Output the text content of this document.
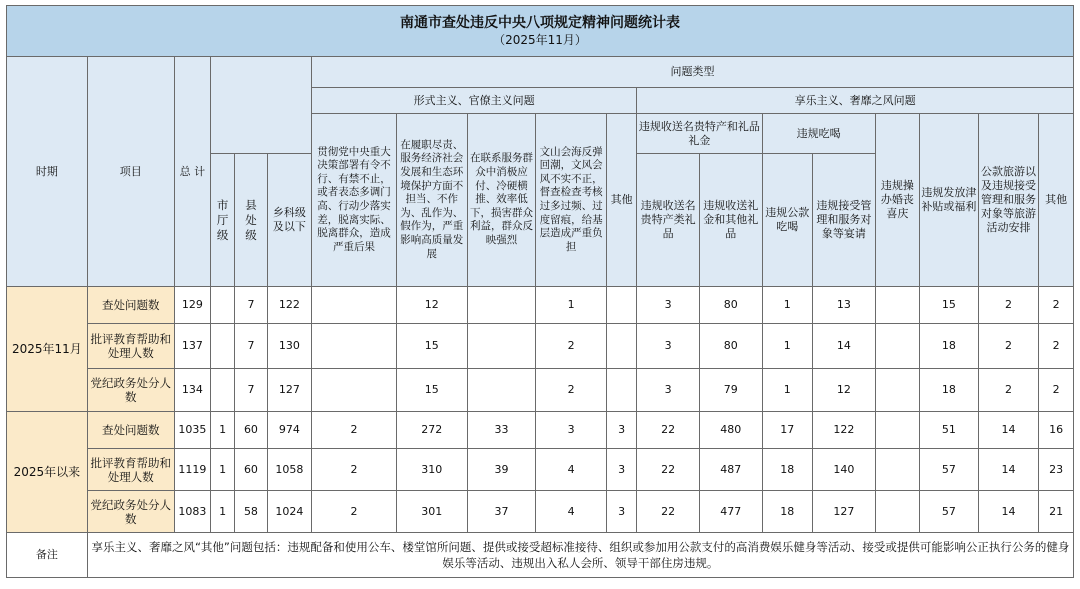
南通市查处违反中央八项规定精神问题统计表
（2025年11月）																		

时期	项目	总 计				问题类型												
						形式主义、官僚主义问题					享乐主义、奢靡之风问题							
						贯彻党中央重大决策部署有令不行、有禁不止，或者表态多调门高、行动少落实差，脱离实际、脱离群众，造成严重后果	在履职尽责、服务经济社会发展和生态环境保护方面不担当、不作为、乱作为、假作为，严重影响高质量发展	在联系服务群众中消极应付、冷硬横推、效率低下，损害群众利益，群众反映强烈	文山会海反弹回潮，文风会风不实不正，督查检查考核过多过频、过度留痕，给基层造成严重负担	其他	违规收送名贵特产和礼品礼金		违规吃喝		违规操办婚丧喜庆	违规发放津补贴或福利	公款旅游以及违规接受管理和服务对象等旅游活动安排	其他
			市
厅
级	县
处
级	乡科级
及以下						违规收送名贵特产类礼品	违规收送礼金和其他礼品	违规公款吃喝	违规接受管理和服务对象等宴请				
2025年11月	查处问题数	129		7	122		12		1		3	80	1	13		15	2	2
	批评教育帮助和处理人数	137		7	130		15		2		3	80	1	14		18	2	2
	党纪政务处分人数	134		7	127		15		2		3	79	1	12		18	2	2
2025年以来	查处问题数	1035	1	60	974	2	272	33	3	3	22	480	17	122		51	14	16
	批评教育帮助和处理人数	1119	1	60	1058	2	310	39	4	3	22	487	18	140		57	14	23
	党纪政务处分人数	1083	1	58	1024	2	301	37	4	3	22	477	18	127		57	14	21
备注	享乐主义、奢靡之风“其他”问题包括：违规配备和使用公车、楼堂馆所问题、提供或接受超标准接待、组织或参加用公款支付的高消费娱乐健身等活动、接受或提供可能影响公正执行公务的健身娱乐等活动、违规出入私人会所、领导干部住房违规。																	
